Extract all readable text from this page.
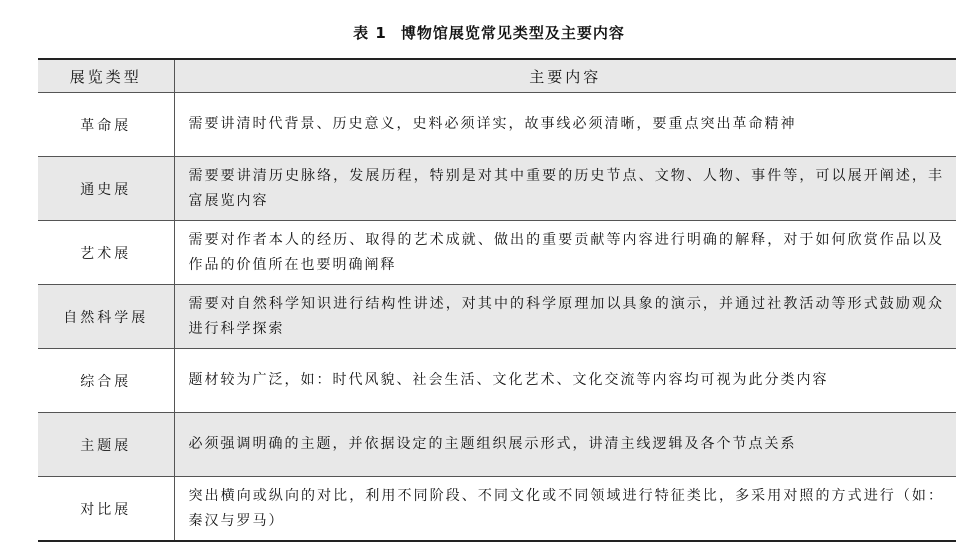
表 1 博物馆展览常见类型及主要内容
展览类型	主要内容
革命展	需要讲清时代背景、历史意义，史料必须详实，故事线必须清晰，要重点突出革命精神
通史展	需要要讲清历史脉络，发展历程，特别是对其中重要的历史节点、文物、人物、事件等，可以展开阐述，丰富展览内容
艺术展	需要对作者本人的经历、取得的艺术成就、做出的重要贡献等内容进行明确的解释，对于如何欣赏作品以及作品的价值所在也要明确阐释
自然科学展	需要对自然科学知识进行结构性讲述，对其中的科学原理加以具象的演示，并通过社教活动等形式鼓励观众进行科学探索
综合展	题材较为广泛，如：时代风貌、社会生活、文化艺术、文化交流等内容均可视为此分类内容
主题展	必须强调明确的主题，并依据设定的主题组织展示形式，讲清主线逻辑及各个节点关系
对比展	突出横向或纵向的对比，利用不同阶段、不同文化或不同领域进行特征类比，多采用对照的方式进行（如：秦汉与罗马）
